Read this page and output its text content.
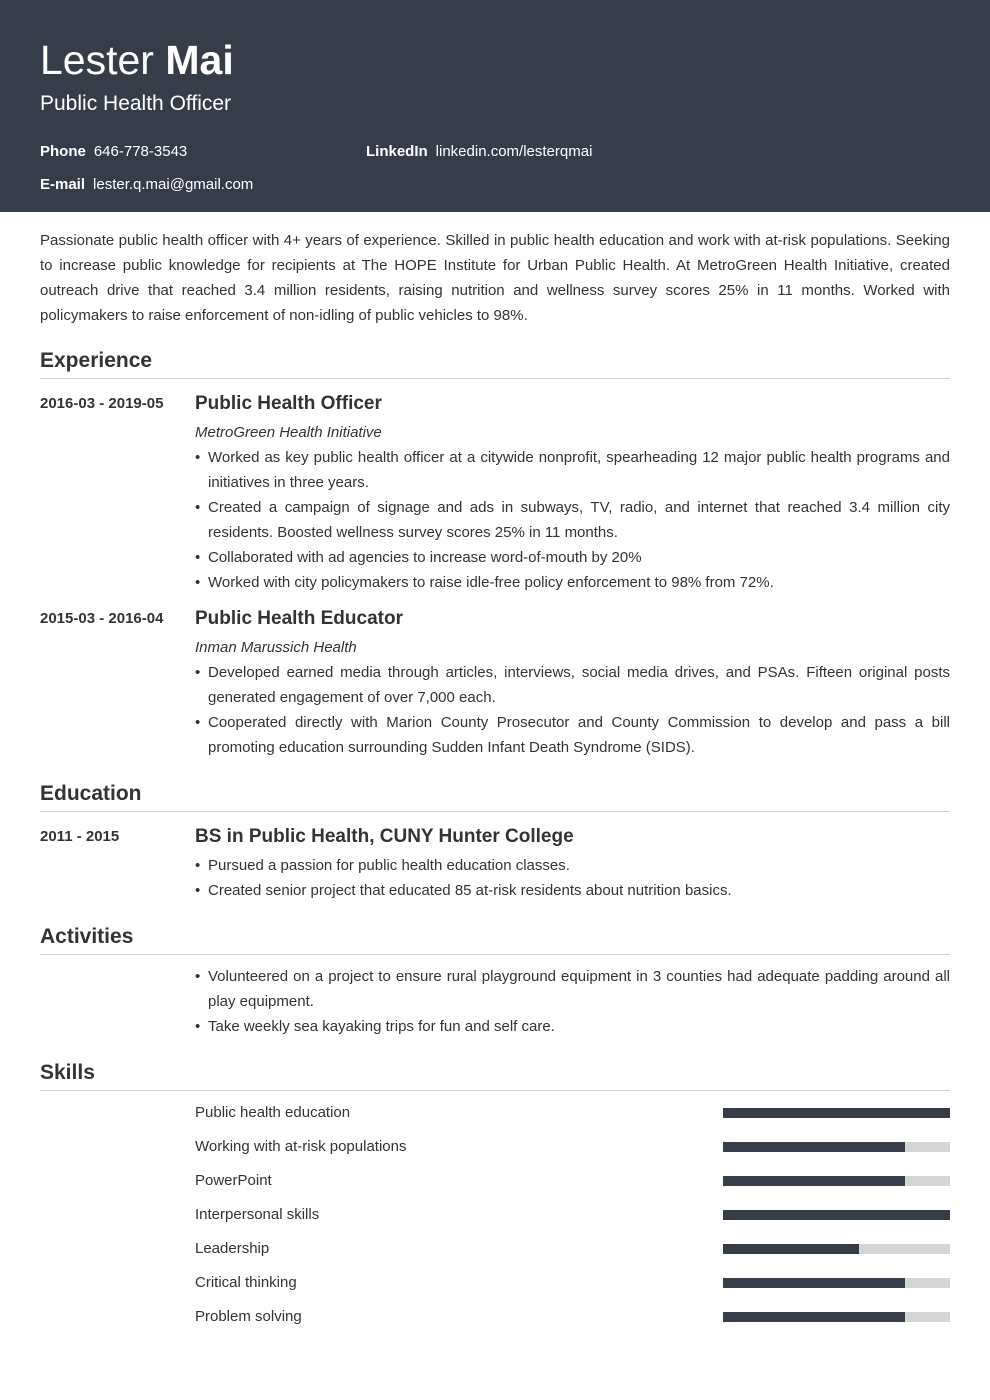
Lester Mai
Public Health Officer
Phone 646-778-3543	LinkedIn linkedin.com/lesterqmai
E-mail lester.q.mai@gmail.com

Passionate public health officer with 4+ years of experience. Skilled in public health education and work with at-risk populations. Seeking to increase public knowledge for recipients at The HOPE Institute for Urban Public Health. At MetroGreen Health Initiative, created outreach drive that reached 3.4 million residents, raising nutrition and wellness survey scores 25% in 11 months. Worked with policymakers to raise enforcement of non-idling of public vehicles to 98%.

Experience
2016-03 - 2019-05 Public Health Officer
MetroGreen Health Initiative
• Worked as key public health officer at a citywide nonprofit, spearheading 12 major public health programs and initiatives in three years.
• Created a campaign of signage and ads in subways, TV, radio, and internet that reached 3.4 million city residents. Boosted wellness survey scores 25% in 11 months.
• Collaborated with ad agencies to increase word-of-mouth by 20%
• Worked with city policymakers to raise idle-free policy enforcement to 98% from 72%.
2015-03 - 2016-04 Public Health Educator
Inman Marussich Health
• Developed earned media through articles, interviews, social media drives, and PSAs. Fifteen original posts generated engagement of over 7,000 each.
• Cooperated directly with Marion County Prosecutor and County Commission to develop and pass a bill promoting education surrounding Sudden Infant Death Syndrome (SIDS).
Education
2011 - 2015	BS in Public Health, CUNY Hunter College
• Pursued a passion for public health education classes.
• Created senior project that educated 85 at-risk residents about nutrition basics.
Activities
• Volunteered on a project to ensure rural playground equipment in 3 counties had adequate padding around all play equipment.
• Take weekly sea kayaking trips for fun and self care.
Skills
Public health education
Working with at-risk populations
PowerPoint
Interpersonal skills
Leadership
Critical thinking
Problem solving
